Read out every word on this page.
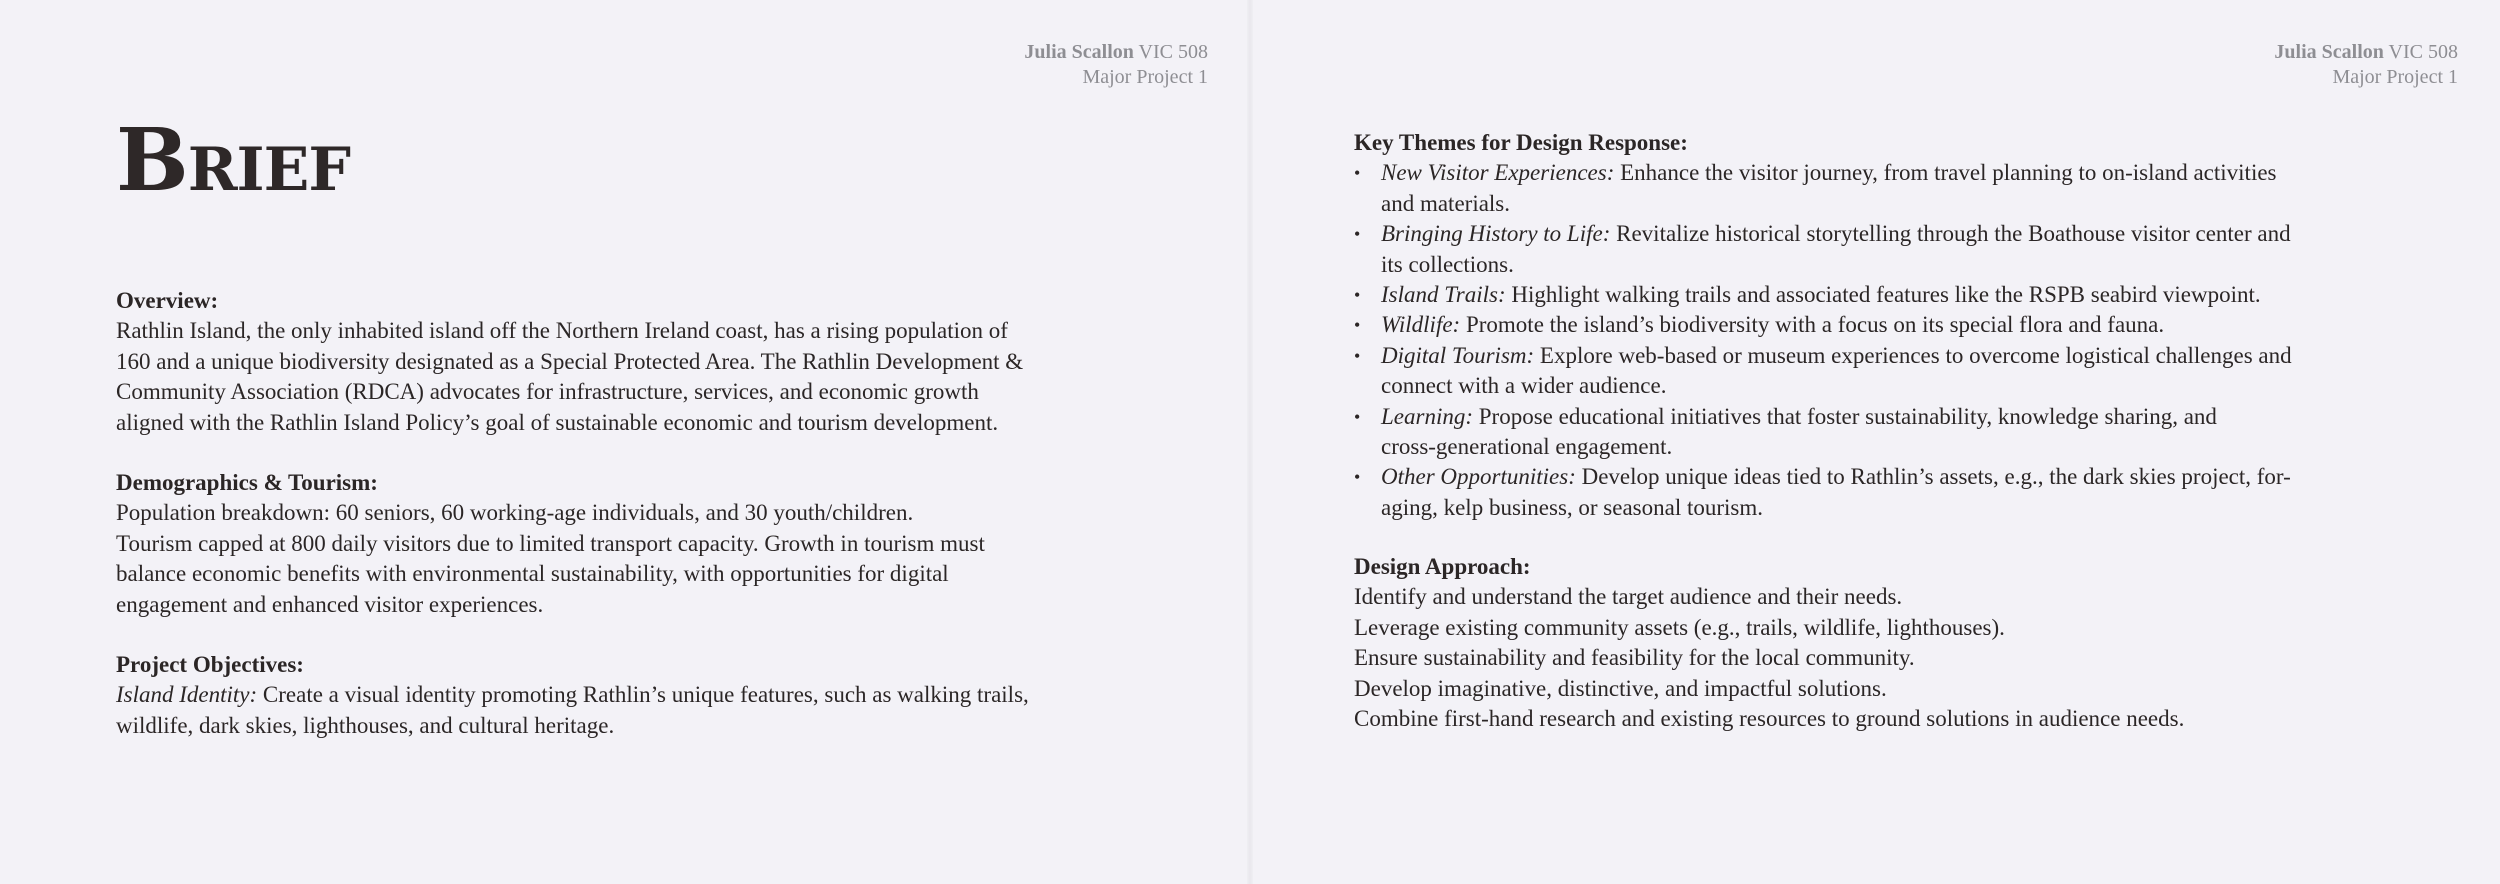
Julia Scallon VIC 508
Major Project 1
Brief

Overview:

Rathlin Island, the only inhabited island off the Northern Ireland coast, has a rising population of

160 and a unique biodiversity designated as a Special Protected Area. The Rathlin Development &

Community Association (RDCA) advocates for infrastructure, services, and economic growth

aligned with the Rathlin Island Policy’s goal of sustainable economic and tourism development.

Demographics & Tourism:

Population breakdown: 60 seniors, 60 working-age individuals, and 30 youth/children.

Tourism capped at 800 daily visitors due to limited transport capacity. Growth in tourism must

balance economic benefits with environmental sustainability, with opportunities for digital

engagement and enhanced visitor experiences.

Project Objectives:

Island Identity: Create a visual identity promoting Rathlin’s unique features, such as walking trails,

wildlife, dark skies, lighthouses, and cultural heritage.

Julia Scallon VIC 508
Major Project 1

Key Themes for Design Response:

• New Visitor Experiences: Enhance the visitor journey, from travel planning to on-island activities
and materials.
• Bringing History to Life: Revitalize historical storytelling through the Boathouse visitor center and
its collections.
• Island Trails: Highlight walking trails and associated features like the RSPB seabird viewpoint.
• Wildlife: Promote the island’s biodiversity with a focus on its special flora and fauna.
• Digital Tourism: Explore web-based or museum experiences to overcome logistical challenges and
connect with a wider audience.
• Learning: Propose educational initiatives that foster sustainability, knowledge sharing, and
cross-generational engagement.
• Other Opportunities: Develop unique ideas tied to Rathlin’s assets, e.g., the dark skies project, for-
aging, kelp business, or seasonal tourism.

Design Approach:

Identify and understand the target audience and their needs.

Leverage existing community assets (e.g., trails, wildlife, lighthouses).

Ensure sustainability and feasibility for the local community.

Develop imaginative, distinctive, and impactful solutions.

Combine first-hand research and existing resources to ground solutions in audience needs.
